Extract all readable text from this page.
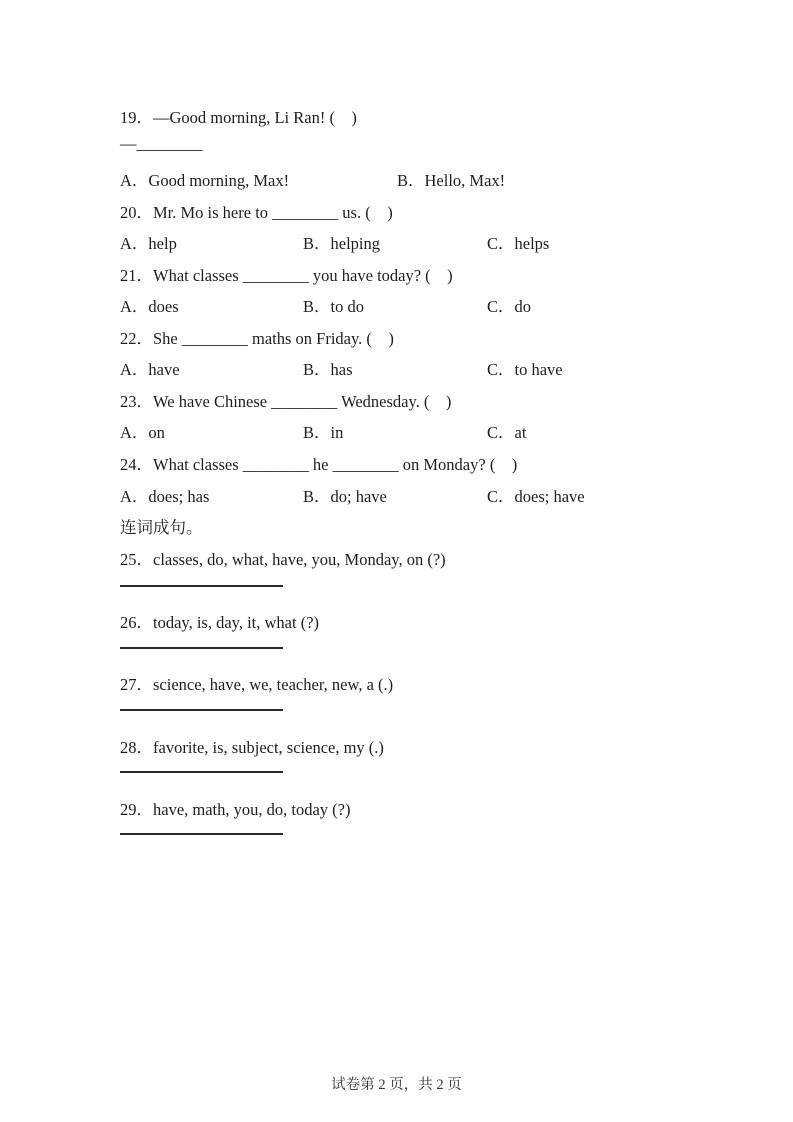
19．—Good morning, Li Ran! (　)
—________
A．Good morning, Max!	B．Hello, Max!
20．Mr. Mo is here to ________ us. (　)
A．help	B．helping	C．helps
21．What classes ________ you have today? (　)
A．does	B．to do	C．do
22．She ________ maths on Friday. (　)
A．have	B．has	C．to have
23．We have Chinese ________ Wednesday. (　)
A．on	B．in	C．at
24．What classes ________ he ________ on Monday? (　)
A．does; has	B．do; have	C．does; have
连词成句。
25．classes, do, what, have, you, Monday, on (?)
26．today, is, day, it, what (?)
27．science, have, we, teacher, new, a (.)
28．favorite, is, subject, science, my (.)
29．have, math, you, do, today (?)
试卷第 2 页，共 2 页
